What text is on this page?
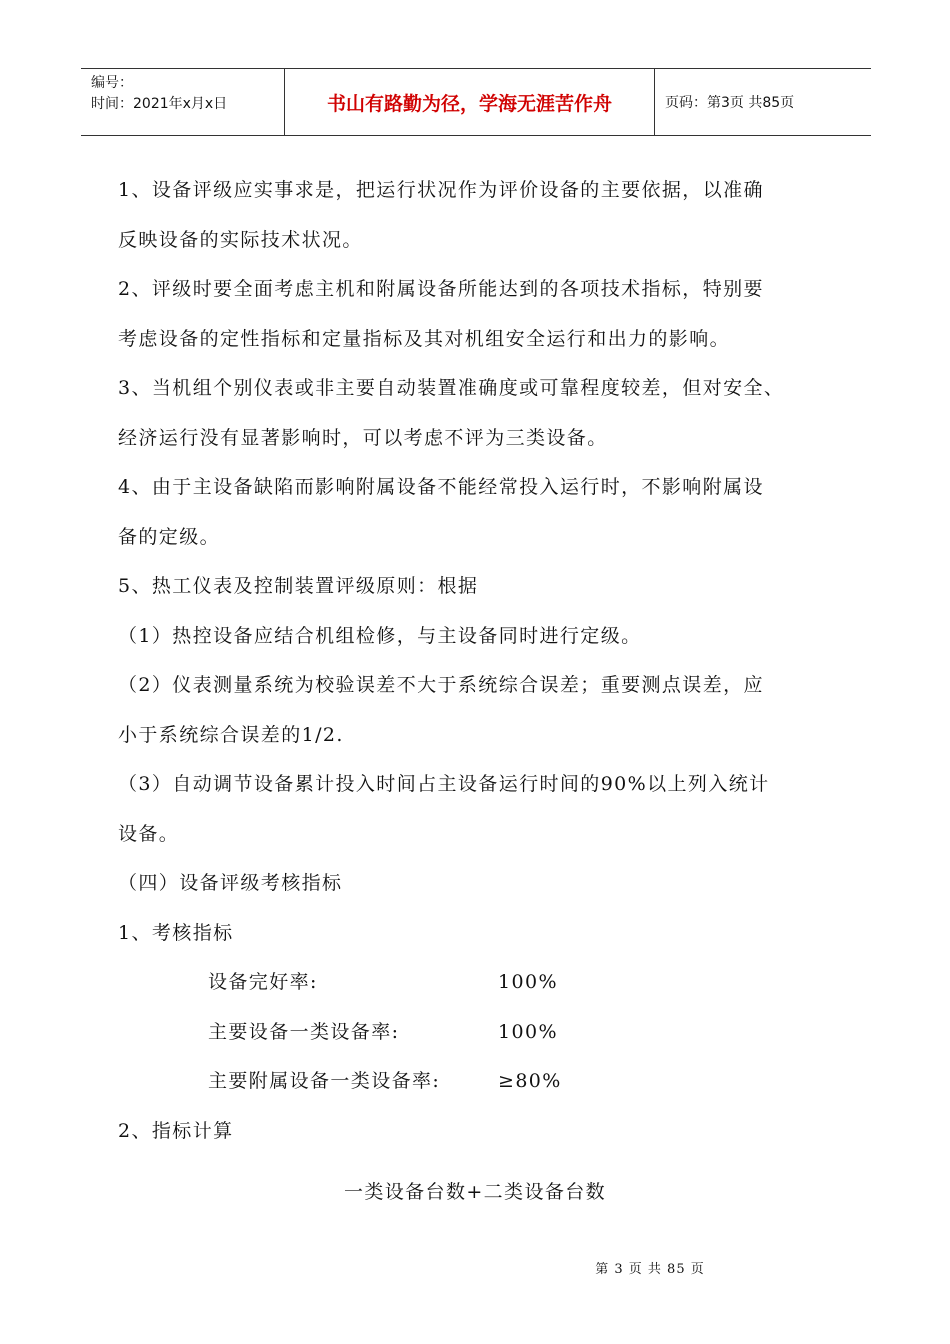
编号：
时间：2021年x月x日	书山有路勤为径，学海无涯苦作舟	页码：第3页 共85页
1、设备评级应实事求是，把运行状况作为评价设备的主要依据，以准确
反映设备的实际技术状况。
2、评级时要全面考虑主机和附属设备所能达到的各项技术指标，特别要
考虑设备的定性指标和定量指标及其对机组安全运行和出力的影响。
3、当机组个别仪表或非主要自动装置准确度或可靠程度较差，但对安全、
经济运行没有显著影响时，可以考虑不评为三类设备。
4、由于主设备缺陷而影响附属设备不能经常投入运行时，不影响附属设
备的定级。
5、热工仪表及控制装置评级原则：根据
（1）热控设备应结合机组检修，与主设备同时进行定级。
（2）仪表测量系统为校验误差不大于系统综合误差；重要测点误差，应
小于系统综合误差的1/2.
（3）自动调节设备累计投入时间占主设备运行时间的90%以上列入统计
设备。
（四）设备评级考核指标
1、考核指标
设备完好率:	100%
主要设备一类设备率:	100%
主要附属设备一类设备率:	≥80%
2、指标计算
一类设备台数+二类设备台数
第 3 页 共 85 页
